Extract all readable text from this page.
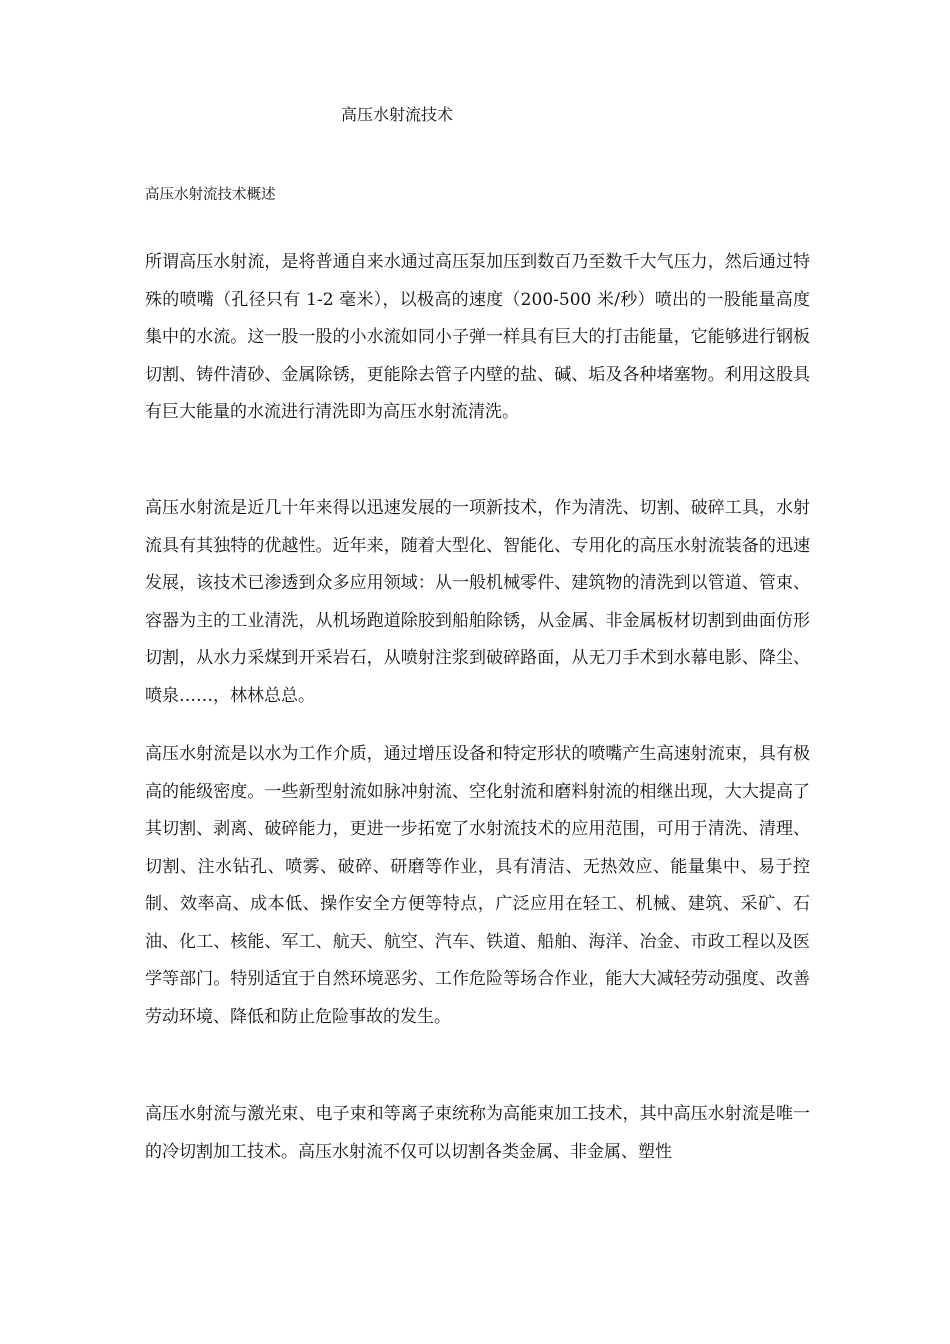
高压水射流技术
高压水射流技术概述

所谓高压水射流，是将普通自来水通过高压泵加压到数百乃至数千大气压力，然后通过特殊的喷嘴（孔径只有 1-2 毫米），以极高的速度（200-500 米/秒）喷出的一股能量高度集中的水流。这一股一股的小水流如同小子弹一样具有巨大的打击能量，它能够进行钢板切割、铸件清砂、金属除锈，更能除去管子内壁的盐、碱、垢及各种堵塞物。利用这股具有巨大能量的水流进行清洗即为高压水射流清洗。

高压水射流是近几十年来得以迅速发展的一项新技术，作为清洗、切割、破碎工具，水射流具有其独特的优越性。近年来，随着大型化、智能化、专用化的高压水射流装备的迅速发展，该技术已渗透到众多应用领域：从一般机械零件、建筑物的清洗到以管道、管束、容器为主的工业清洗，从机场跑道除胶到船舶除锈，从金属、非金属板材切割到曲面仿形切割，从水力采煤到开采岩石，从喷射注浆到破碎路面，从无刀手术到水幕电影、降尘、喷泉……，林林总总。

高压水射流是以水为工作介质，通过增压设备和特定形状的喷嘴产生高速射流束，具有极高的能级密度。一些新型射流如脉冲射流、空化射流和磨料射流的相继出现，大大提高了其切割、剥离、破碎能力，更进一步拓宽了水射流技术的应用范围，可用于清洗、清理、切割、注水钻孔、喷雾、破碎、研磨等作业，具有清洁、无热效应、能量集中、易于控制、效率高、成本低、操作安全方便等特点，广泛应用在轻工、机械、建筑、采矿、石油、化工、核能、军工、航天、航空、汽车、铁道、船舶、海洋、冶金、市政工程以及医学等部门。特别适宜于自然环境恶劣、工作危险等场合作业，能大大减轻劳动强度、改善劳动环境、降低和防止危险事故的发生。

高压水射流与激光束、电子束和等离子束统称为高能束加工技术，其中高压水射流是唯一的冷切割加工技术。高压水射流不仅可以切割各类金属、非金属、塑性
